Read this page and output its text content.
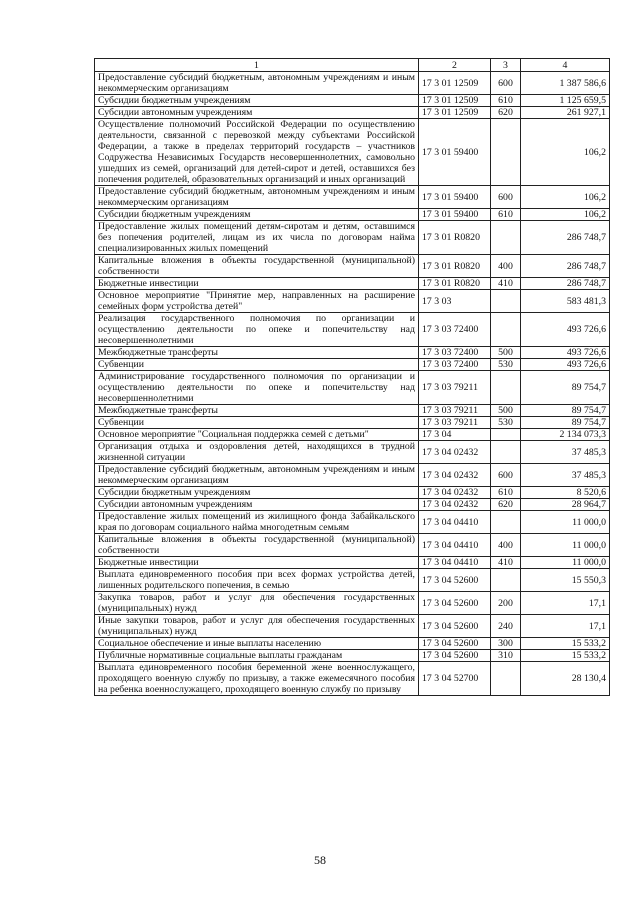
1	2	3	4
Предоставление субсидий бюджетным, автономным учреждениям и иным некоммерческим организациям	17 3 01 12509	600	1 387 586,6
Субсидии бюджетным учреждениям	17 3 01 12509	610	1 125 659,5
Субсидии автономным учреждениям	17 3 01 12509	620	261 927,1
Осуществление полномочий Российской Федерации по осуществлению деятельности, связанной с перевозкой между субъектами Российской Федерации, а также в пределах территорий государств – участников Содружества Независимых Государств несовершеннолетних, самовольно ушедших из семей, организаций для детей-сирот и детей, оставшихся без попечения родителей, образовательных организаций и иных организаций	17 3 01 59400		106,2
Предоставление субсидий бюджетным, автономным учреждениям и иным некоммерческим организациям	17 3 01 59400	600	106,2
Субсидии бюджетным учреждениям	17 3 01 59400	610	106,2
Предоставление жилых помещений детям-сиротам и детям, оставшимся без попечения родителей, лицам из их числа по договорам найма специализированных жилых помещений	17 3 01 R0820		286 748,7
Капитальные вложения в объекты государственной (муниципальной) собственности	17 3 01 R0820	400	286 748,7
Бюджетные инвестиции	17 3 01 R0820	410	286 748,7
Основное мероприятие "Принятие мер, направленных на расширение семейных форм устройства детей"	17 3 03		583 481,3
Реализация государственного полномочия по организации и осуществлению деятельности по опеке и попечительству над несовершеннолетними	17 3 03 72400		493 726,6
Межбюджетные трансферты	17 3 03 72400	500	493 726,6
Субвенции	17 3 03 72400	530	493 726,6
Администрирование государственного полномочия по организации и осуществлению деятельности по опеке и попечительству над несовершеннолетними	17 3 03 79211		89 754,7
Межбюджетные трансферты	17 3 03 79211	500	89 754,7
Субвенции	17 3 03 79211	530	89 754,7
Основное мероприятие "Социальная поддержка семей с детьми"	17 3 04		2 134 073,3
Организация отдыха и оздоровления детей, находящихся в трудной жизненной ситуации	17 3 04 02432		37 485,3
Предоставление субсидий бюджетным, автономным учреждениям и иным некоммерческим организациям	17 3 04 02432	600	37 485,3
Субсидии бюджетным учреждениям	17 3 04 02432	610	8 520,6
Субсидии автономным учреждениям	17 3 04 02432	620	28 964,7
Предоставление жилых помещений из жилищного фонда Забайкальского края по договорам социального найма многодетным семьям	17 3 04 04410		11 000,0
Капитальные вложения в объекты государственной (муниципальной) собственности	17 3 04 04410	400	11 000,0
Бюджетные инвестиции	17 3 04 04410	410	11 000,0
Выплата единовременного пособия при всех формах устройства детей, лишенных родительского попечения, в семью	17 3 04 52600		15 550,3
Закупка товаров, работ и услуг для обеспечения государственных (муниципальных) нужд	17 3 04 52600	200	17,1
Иные закупки товаров, работ и услуг для обеспечения государственных (муниципальных) нужд	17 3 04 52600	240	17,1
Социальное обеспечение и иные выплаты населению	17 3 04 52600	300	15 533,2
Публичные нормативные социальные выплаты гражданам	17 3 04 52600	310	15 533,2
Выплата единовременного пособия беременной жене военнослужащего, проходящего военную службу по призыву, а также ежемесячного пособия на ребенка военнослужащего, проходящего военную службу по призыву	17 3 04 52700		28 130,4
58
